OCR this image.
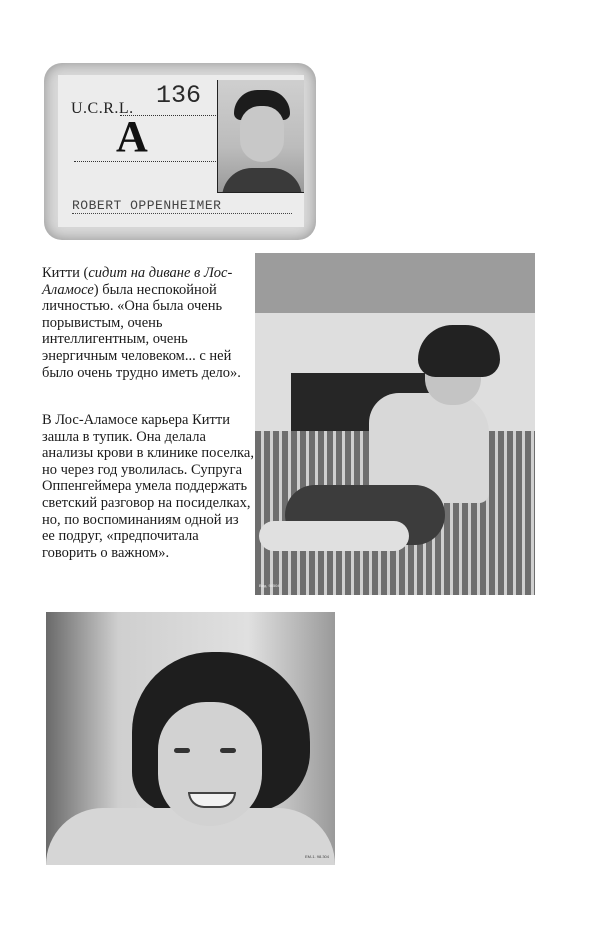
U.C.R.L. 136
A
ROBERT OPPENHEIMER
Китти (сидит на диване в Лос-Аламосе) была неспокойной личностью. «Она была очень порывистым, очень интеллигентным, очень энергичным человеком... с ней было очень трудно иметь дело».
В Лос-Аламосе карьера Китти зашла в тупик. Она делала анализы крови в клинике поселка, но через год уволилась. Супруга Оппенгеймера умела поддержать светский разговор на посиделках, но, по воспоминаниям одной из ее подруг, «предпочитала говорить о важном».
Вид. 98504
EM-1. 98.304
